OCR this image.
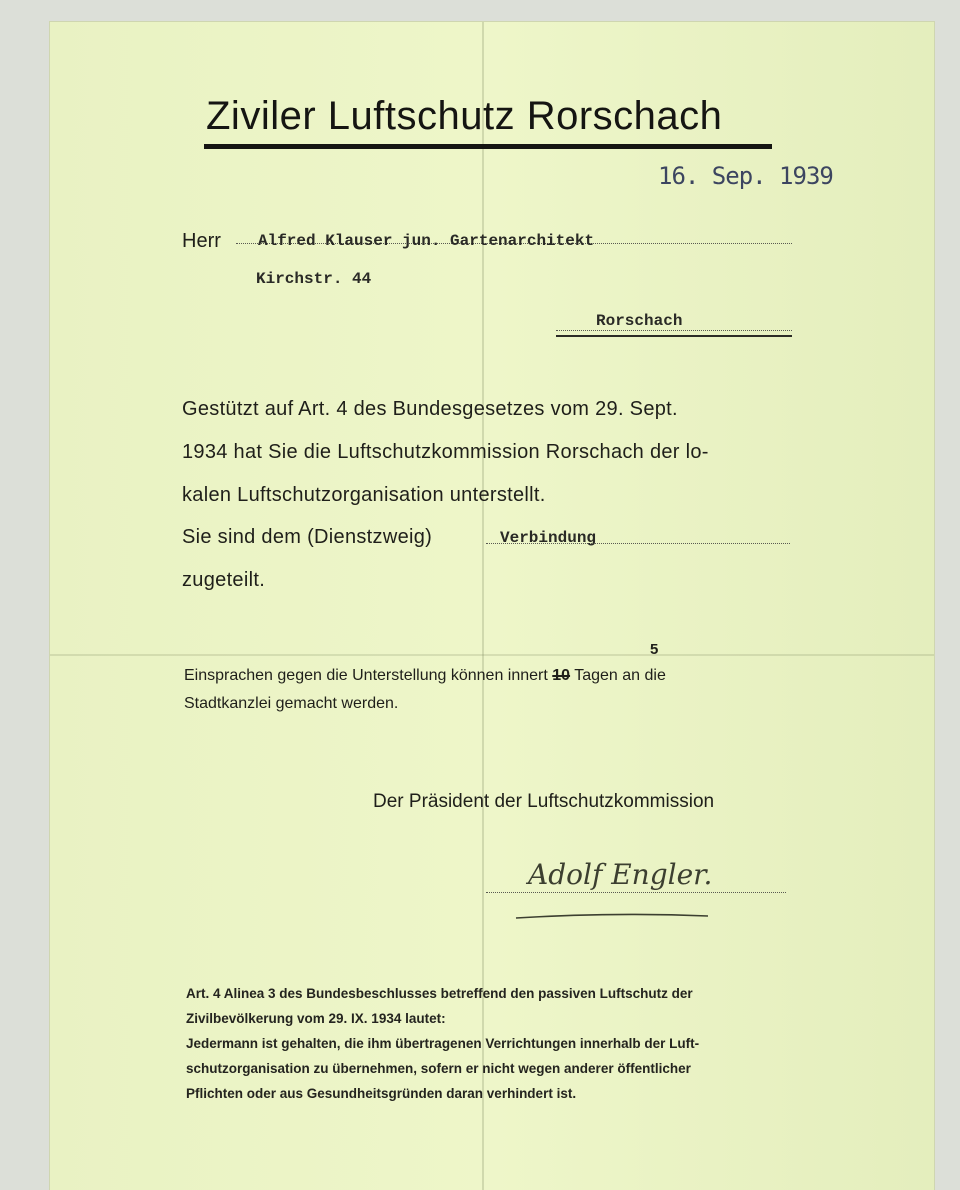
Ziviler Luftschutz Rorschach
16. Sep. 1939
Herr Alfred Klauser jun. Gartenarchitekt
Kirchstr. 44
Rorschach
Gestützt auf Art. 4 des Bundesgesetzes vom 29. Sept.
1934 hat Sie die Luftschutzkommission Rorschach der lo-
kalen Luftschutzorganisation unterstellt.
Sie sind dem (Dienstzweig)	Verbindung
zugeteilt.
5
Einsprachen gegen die Unterstellung können innert 10 Tagen an die
Stadtkanzlei gemacht werden.
Der Präsident der Luftschutzkommission
Adolf Engler.
Art. 4 Alinea 3 des Bundesbeschlusses betreffend den passiven Luftschutz der
Zivilbevölkerung vom 29. IX. 1934 lautet:
Jedermann ist gehalten, die ihm übertragenen Verrichtungen innerhalb der Luft-
schutzorganisation zu übernehmen, sofern er nicht wegen anderer öffentlicher
Pflichten oder aus Gesundheitsgründen daran verhindert ist.
